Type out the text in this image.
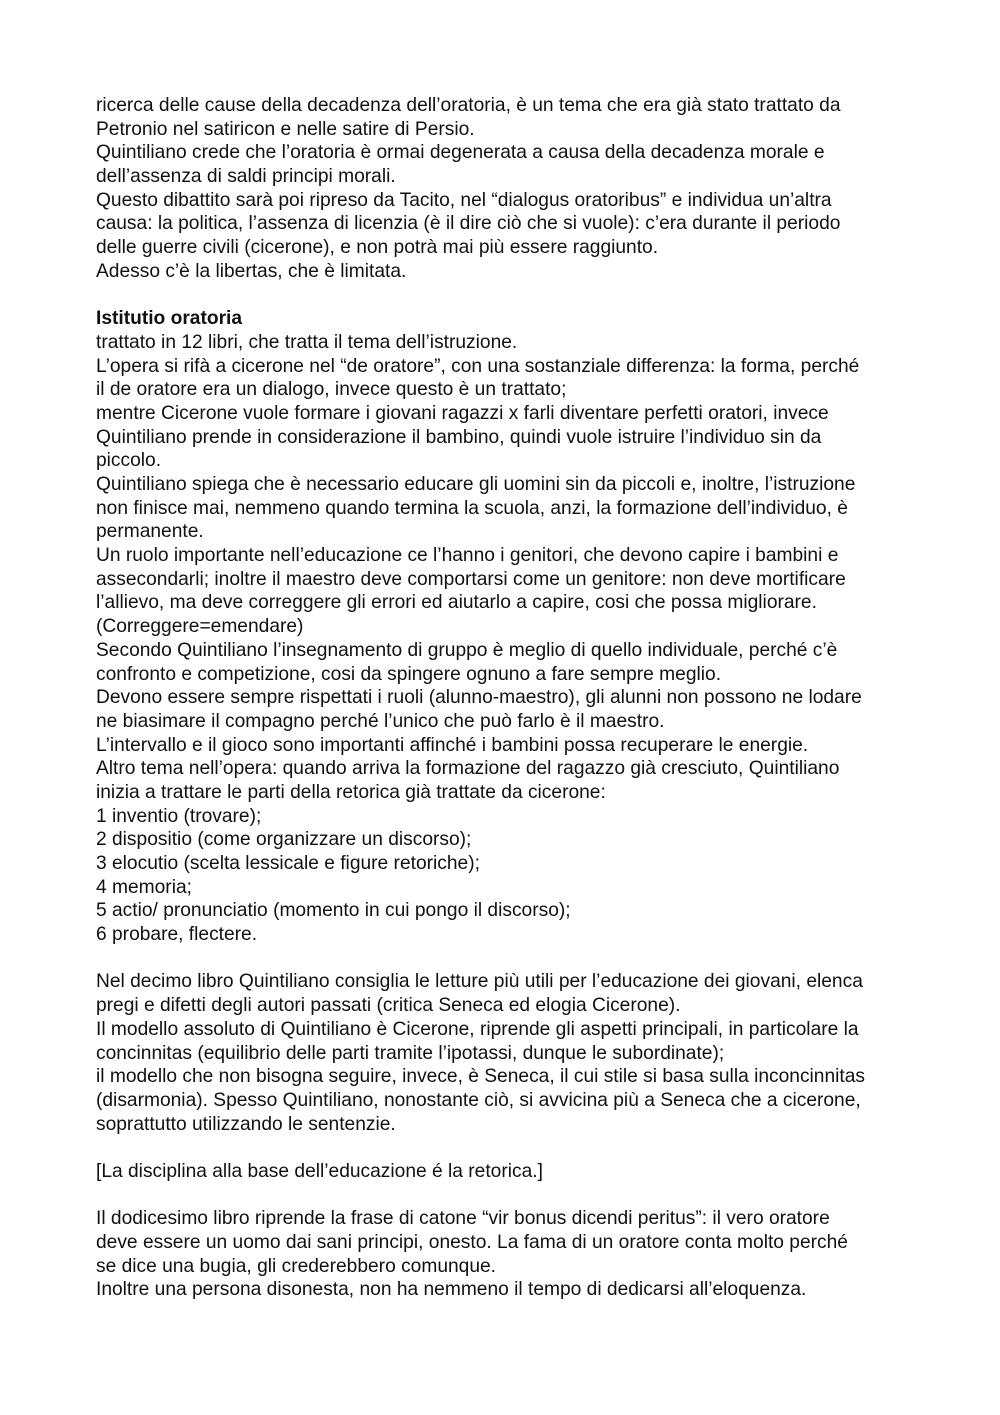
ricerca delle cause della decadenza dell’oratoria, è un tema che era già stato trattato da
Petronio nel satiricon e nelle satire di Persio.
Quintiliano crede che l’oratoria è ormai degenerata a causa della decadenza morale e
dell’assenza di saldi principi morali.
Questo dibattito sarà poi ripreso da Tacito, nel “dialogus oratoribus” e individua un’altra
causa: la politica, l’assenza di licenzia (è il dire ciò che si vuole): c’era durante il periodo
delle guerre civili (cicerone), e non potrà mai più essere raggiunto.
Adesso c’è la libertas, che è limitata.
Istitutio oratoria
trattato in 12 libri, che tratta il tema dell’istruzione.
L’opera si rifà a cicerone nel “de oratore”, con una sostanziale differenza: la forma, perché
il de oratore era un dialogo, invece questo è un trattato;
mentre Cicerone vuole formare i giovani ragazzi x farli diventare perfetti oratori, invece
Quintiliano prende in considerazione il bambino, quindi vuole istruire l’individuo sin da
piccolo.
Quintiliano spiega che è necessario educare gli uomini sin da piccoli e, inoltre, l’istruzione
non finisce mai, nemmeno quando termina la scuola, anzi, la formazione dell’individuo, è
permanente.
Un ruolo importante nell’educazione ce l’hanno i genitori, che devono capire i bambini e
assecondarli; inoltre il maestro deve comportarsi come un genitore: non deve mortificare
l’allievo, ma deve correggere gli errori ed aiutarlo a capire, cosi che possa migliorare.
(Correggere=emendare)
Secondo Quintiliano l’insegnamento di gruppo è meglio di quello individuale, perché c’è
confronto e competizione, cosi da spingere ognuno a fare sempre meglio.
Devono essere sempre rispettati i ruoli (alunno-maestro), gli alunni non possono ne lodare
ne biasimare il compagno perché l’unico che può farlo è il maestro.
L’intervallo e il gioco sono importanti affinché i bambini possa recuperare le energie.
Altro tema nell’opera: quando arriva la formazione del ragazzo già cresciuto, Quintiliano
inizia a trattare le parti della retorica già trattate da cicerone:
1 inventio (trovare);
2 dispositio (come organizzare un discorso);
3 elocutio (scelta lessicale e figure retoriche);
4 memoria;
5 actio/ pronunciatio (momento in cui pongo il discorso);
6 probare, flectere.
Nel decimo libro Quintiliano consiglia le letture più utili per l’educazione dei giovani, elenca
pregi e difetti degli autori passati (critica Seneca ed elogia Cicerone).
Il modello assoluto di Quintiliano è Cicerone, riprende gli aspetti principali, in particolare la
concinnitas (equilibrio delle parti tramite l’ipotassi, dunque le subordinate);
il modello che non bisogna seguire, invece, è Seneca, il cui stile si basa sulla inconcinnitas
(disarmonia). Spesso Quintiliano, nonostante ciò, si avvicina più a Seneca che a cicerone,
soprattutto utilizzando le sentenzie.
[La disciplina alla base dell’educazione é la retorica.]
Il dodicesimo libro riprende la frase di catone “vir bonus dicendi peritus”: il vero oratore
deve essere un uomo dai sani principi, onesto. La fama di un oratore conta molto perché
se dice una bugia, gli crederebbero comunque.
Inoltre una persona disonesta, non ha nemmeno il tempo di dedicarsi all’eloquenza.
